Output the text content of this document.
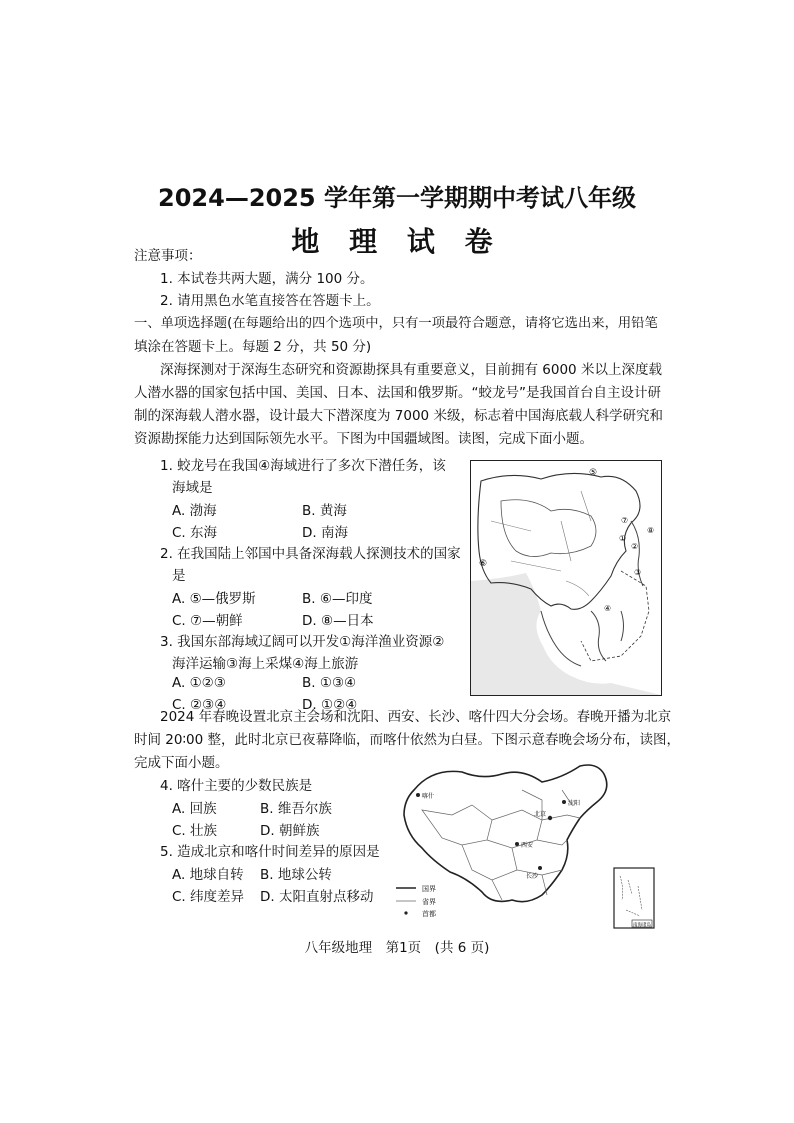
2024—2025 学年第一学期期中考试八年级
地 理 试 卷
注意事项：
1. 本试卷共两大题，满分 100 分。
2. 请用黑色水笔直接答在答题卡上。
一、单项选择题(在每题给出的四个选项中，只有一项最符合题意，请将它选出来，用铅笔
填涂在答题卡上。每题 2 分，共 50 分)
深海探测对于深海生态研究和资源勘探具有重要意义，目前拥有 6000 米以上深度载
人潜水器的国家包括中国、美国、日本、法国和俄罗斯。“蛟龙号”是我国首台自主设计研
制的深海载人潜水器，设计最大下潜深度为 7000 米级，标志着中国海底载人科学研究和
资源勘探能力达到国际领先水平。下图为中国疆域图。读图，完成下面小题。
1. 蛟龙号在我国④海域进行了多次下潜任务，该
海域是
A. 渤海	B. 黄海
C. 东海	D. 南海
2. 在我国陆上邻国中具备深海载人探测技术的国家
是
A. ⑤—俄罗斯	B. ⑥—印度
C. ⑦—朝鲜	D. ⑧—日本
3. 我国东部海域辽阔可以开发①海洋渔业资源②
海洋运输③海上采煤④海上旅游
A. ①②③	B. ①③④
C. ②③④	D. ①②④
⑤
⑥
⑦
⑧
①
②
③
④
2024 年春晚设置北京主会场和沈阳、西安、长沙、喀什四大分会场。春晚开播为北京
时间 20∶00 整，此时北京已夜幕降临，而喀什依然为白昼。下图示意春晚会场分布，读图，
完成下面小题。
4. 喀什主要的少数民族是
A. 回族	B. 维吾尔族
C. 壮族	D. 朝鲜族
5. 造成北京和喀什时间差异的原因是
A. 地球自转 B. 地球公转
C. 纬度差异 D. 太阳直射点移动
喀什
沈阳
北京
西安
长沙
国界
省界
首都
南海诸岛
八年级地理　第1页　(共 6 页)
